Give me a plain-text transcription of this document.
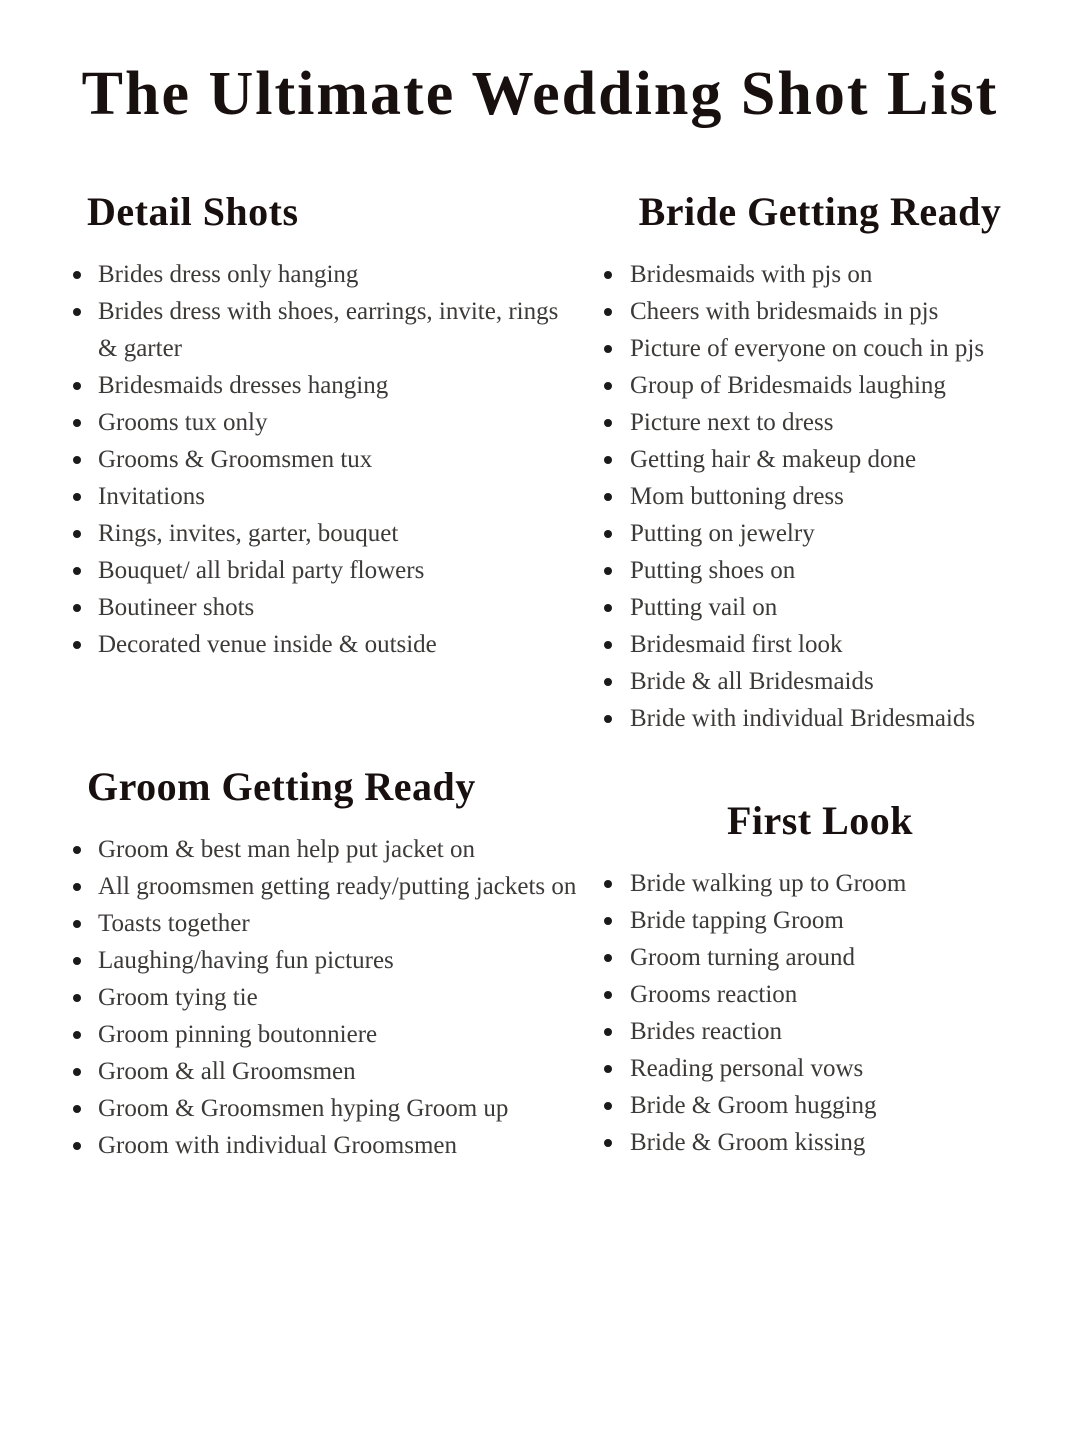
The Ultimate Wedding Shot List
Detail Shots
Brides dress only hanging
Brides dress with shoes, earrings, invite, rings & garter
Bridesmaids dresses hanging
Grooms tux only
Grooms & Groomsmen tux
Invitations
Rings, invites, garter, bouquet
Bouquet/ all bridal party flowers
Boutineer shots
Decorated venue inside & outside
Groom Getting Ready
Groom & best man help put jacket on
All groomsmen getting ready/putting jackets on
Toasts together
Laughing/having fun pictures
Groom tying tie
Groom pinning boutonniere
Groom & all Groomsmen
Groom & Groomsmen hyping Groom up
Groom with individual Groomsmen
Bride Getting Ready
Bridesmaids with pjs on
Cheers with bridesmaids in pjs
Picture of everyone on couch in pjs
Group of Bridesmaids laughing
Picture next to dress
Getting hair & makeup done
Mom buttoning dress
Putting on jewelry
Putting shoes on
Putting vail on
Bridesmaid first look
Bride & all Bridesmaids
Bride with individual Bridesmaids
First Look
Bride walking up to Groom
Bride tapping Groom
Groom turning around
Grooms reaction
Brides reaction
Reading personal vows
Bride & Groom hugging
Bride & Groom kissing
